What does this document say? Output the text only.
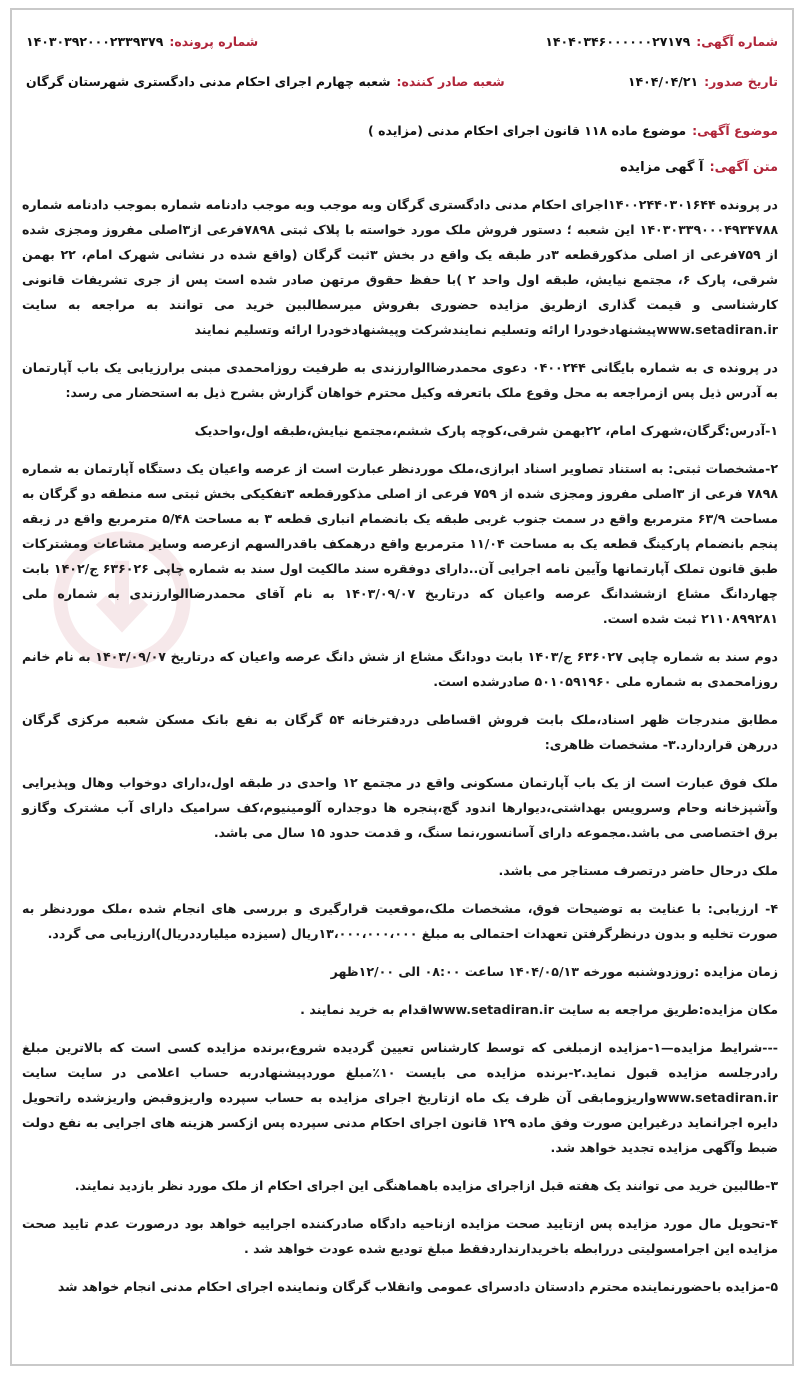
شماره آگهی:
۱۴۰۴۰۳۴۶۰۰۰۰۰۰۲۷۱۷۹
شماره پرونده:
۱۴۰۳۰۳۹۲۰۰۰۲۳۳۹۳۷۹
تاریخ صدور:
۱۴۰۴/۰۴/۲۱
شعبه صادر کننده:
شعبه چهارم اجرای احکام مدنی دادگستری شهرستان گرگان
موضوع آگهی:
موضوع ماده ۱۱۸ قانون اجرای احکام مدنی (مزایده )
متن آگهی:
آ گهی مزایده

در پرونده ۱۴۰۰۲۴۴۰۳۰۱۶۴۴اجرای احکام مدنی دادگستری گرگان وبه موجب وبه موجب دادنامه شماره بموجب دادنامه شماره ۱۴۰۳۰۳۳۹۰۰۰۴۹۳۴۷۸۸ این شعبه ؛ دستور فروش ملک مورد خواسته با پلاک ثبتی ۷۸۹۸فرعی از۳اصلی مفروز ومجزی شده از ۷۵۹فرعی از اصلی مذکورقطعه ۳در طبقه یک واقع در بخش ۳ثبت گرگان (واقع شده در نشانی شهرک امام، ۲۲ بهمن شرقی، پارک ۶، مجتمع نیایش، طبقه اول واحد ۲ )با حفظ حقوق مرتهن صادر شده است پس از جری تشریفات قانونی کارشناسی و قیمت گذاری ازطریق مزایده حضوری بفروش میرسطالبین خرید می توانند به مراجعه به سایت www.setadiran.irپیشنهادخودرا ارائه وتسلیم نمایندشرکت وپیشنهادخودرا ارائه وتسلیم نمایند

در پرونده ی به شماره بایگانی ۰۴۰۰۲۴۴ دعوی محمدرضاالوارزندی به طرفیت روزامحمدی مبنی برارزیابی یک باب آپارتمان به آدرس ذیل پس ازمراجعه به محل وقوع ملک باتعرفه وکیل محترم خواهان گزارش بشرح ذیل به استحضار می رسد:

۱-آدرس:گرگان،شهرک امام، ۲۲بهمن شرقی،کوچه پارک ششم،مجتمع نیایش،طبقه اول،واحدیک

۲-مشخصات ثبتی: به استناد تصاویر اسناد ابرازی،ملک موردنظر عبارت است از عرصه واعیان یک دستگاه آپارتمان به شماره ۷۸۹۸ فرعی از ۳اصلی مفروز ومجزی شده از ۷۵۹ فرعی از اصلی مذکورقطعه ۳تفکیکی بخش ثبتی سه منطقه دو گرگان به مساحت ۶۳/۹ مترمربع واقع در سمت جنوب غربی طبقه یک بانضمام انباری قطعه ۳ به مساحت ۵/۴۸ مترمربع واقع در زبقه پنجم بانضمام پارکینگ قطعه یک به مساحت ۱۱/۰۴ مترمربع واقع درهمکف باقدرالسهم ازعرصه وسایر مشاعات ومشترکات طبق قانون تملک آپارتمانها وآیین نامه اجرایی آن..دارای دوفقره سند مالکیت اول سند به شماره چاپی ۶۳۶۰۲۶ ج/۱۴۰۲ بابت چهاردانگ مشاع ازششدانگ عرصه واعیان که درتاریخ ۱۴۰۳/۰۹/۰۷ به نام آقای محمدرضاالوارزندی به شماره ملی ۲۱۱۰۸۹۹۲۸۱ ثبت شده است.

دوم سند به شماره چاپی ۶۳۶۰۲۷ ج/۱۴۰۳ بابت دودانگ مشاع از شش دانگ عرصه واعیان که درتاریخ ۱۴۰۳/۰۹/۰۷ به نام خانم روزامحمدی به شماره ملی ۵۰۱۰۵۹۱۹۶۰ صادرشده است.

مطابق مندرجات ظهر اسناد،ملک بابت فروش اقساطی دردفترخانه ۵۴ گرگان به نفع بانک مسکن شعبه مرکزی گرگان دررهن قراردارد.۳- مشخصات ظاهری:

ملک فوق عبارت است از یک باب آپارتمان مسکونی واقع در مجتمع ۱۲ واحدی در طبقه اول،دارای دوخواب وهال وپذیرایی وآشپزخانه وحام وسرویس بهداشتی،دیوارها اندود گچ،پنجره ها دوجداره آلومینیوم،کف سرامیک دارای آب مشترک وگازو برق اختصاصی می باشد.مجموعه دارای آسانسور،نما سنگ، و قدمت حدود ۱۵ سال می باشد.

ملک درحال حاضر درتصرف مستاجر می باشد.

۴- ارزیابی: با عنایت به توضیحات فوق، مشخصات ملک،موقعیت قرارگیری و بررسی های انجام شده ،ملک موردنظر به صورت تخلیه و بدون درنظرگرفتن تعهدات احتمالی به مبلغ ۱۳،۰۰۰،۰۰۰،۰۰۰ریال (سیزده میلیارددریال)ارزیابی می گردد.

زمان مزایده :روزدوشنبه مورخه ۱۴۰۴/۰۵/۱۳ ساعت ۰۸:۰۰ الی ۱۲/۰۰ظهر

مکان مزایده:طریق مراجعه به سایت www.setadiran.irاقدام به خرید نمایند .

---شرایط مزایده—۱-مزایده ازمبلغی که توسط کارشناس تعیین گردیده شروع،برنده مزایده کسی است که بالاترین مبلغ رادرجلسه مزایده قبول نماید.۲-برنده مزایده می بایست ۱۰٪مبلغ موردپیشنهادربه حساب اعلامی در سایت سایت www.setadiran.irواریزومابقی آن ظرف یک ماه ازتاریخ اجرای مزایده به حساب سپرده واریزوقبض واریزشده راتحویل دایره اجرانماید درغیراین صورت وفق ماده ۱۲۹ قانون اجرای احکام مدنی سپرده پس ازکسر هزینه های اجرایی به نفع دولت ضبط وآگهی مزایده تجدید خواهد شد.

۳-طالبین خرید می توانند یک هفته قبل ازاجرای مزایده باهماهنگی این اجرای احکام از ملک مورد نظر بازدید نمایند.

۴-تحویل مال مورد مزایده پس ازتایید صحت مزایده ازناحیه دادگاه صادرکننده اجراییه خواهد بود درصورت عدم تایید صحت مزایده این اجرامسولیتی دررابطه باخریدارنداردفقط مبلغ تودیع شده عودت خواهد شد .

۵-مزایده باحضورنماینده محترم دادستان دادسرای عمومی وانقلاب گرگان ونماینده اجرای احکام مدنی انجام خواهد شد
